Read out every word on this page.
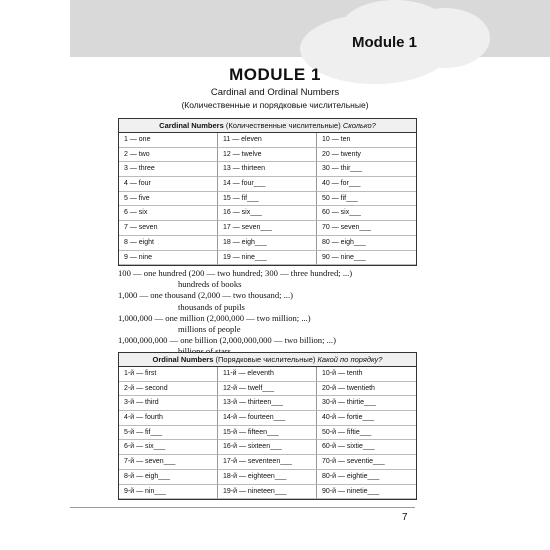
Module 1
MODULE 1
Cardinal and Ordinal Numbers
(Количественные и порядковые числительные)
Cardinal Numbers (Количественные числительные) Сколько?
1 — one	11 — eleven	10 — ten
2 — two	12 — twelve	20 — twenty
3 — three	13 — thirteen	30 — thir___
4 — four	14 — four___	40 — for___
5 — five	15 — fif___	50 — fif___
6 — six	16 — six___	60 — six___
7 — seven	17 — seven___	70 — seven___
8 — eight	18 — eigh___	80 — eigh___
9 — nine	19 — nine___	90 — nine___
100 — one hundred (200 — two hundred; 300 — three hundred; ...)
hundreds of books
1,000 — one thousand (2,000 — two thousand; ...)
thousands of pupils
1,000,000 — one million (2,000,000 — two million; ...)
millions of people
1,000,000,000 — one billion (2,000,000,000 — two billion; ...)
Ordinal Numbers (Порядковые числительные) Какой по порядку?
1-й — first	11-й — eleventh	10-й — tenth
2-й — second	12-й — twelf___	20-й — twentieth
3-й — third	13-й — thirteen___	30-й — thirtie___
4-й — fourth	14-й — fourteen___	40-й — fortie___
5-й — fif___	15-й — fifteen___	50-й — fiftie___
6-й — six___	16-й — sixteen___	60-й — sixtie___
7-й — seven___	17-й — seventeen___	70-й — seventie___
8-й — eigh___	18-й — eighteen___	80-й — eightie___
9-й — nin___	19-й — nineteen___	90-й — ninetie___
7
